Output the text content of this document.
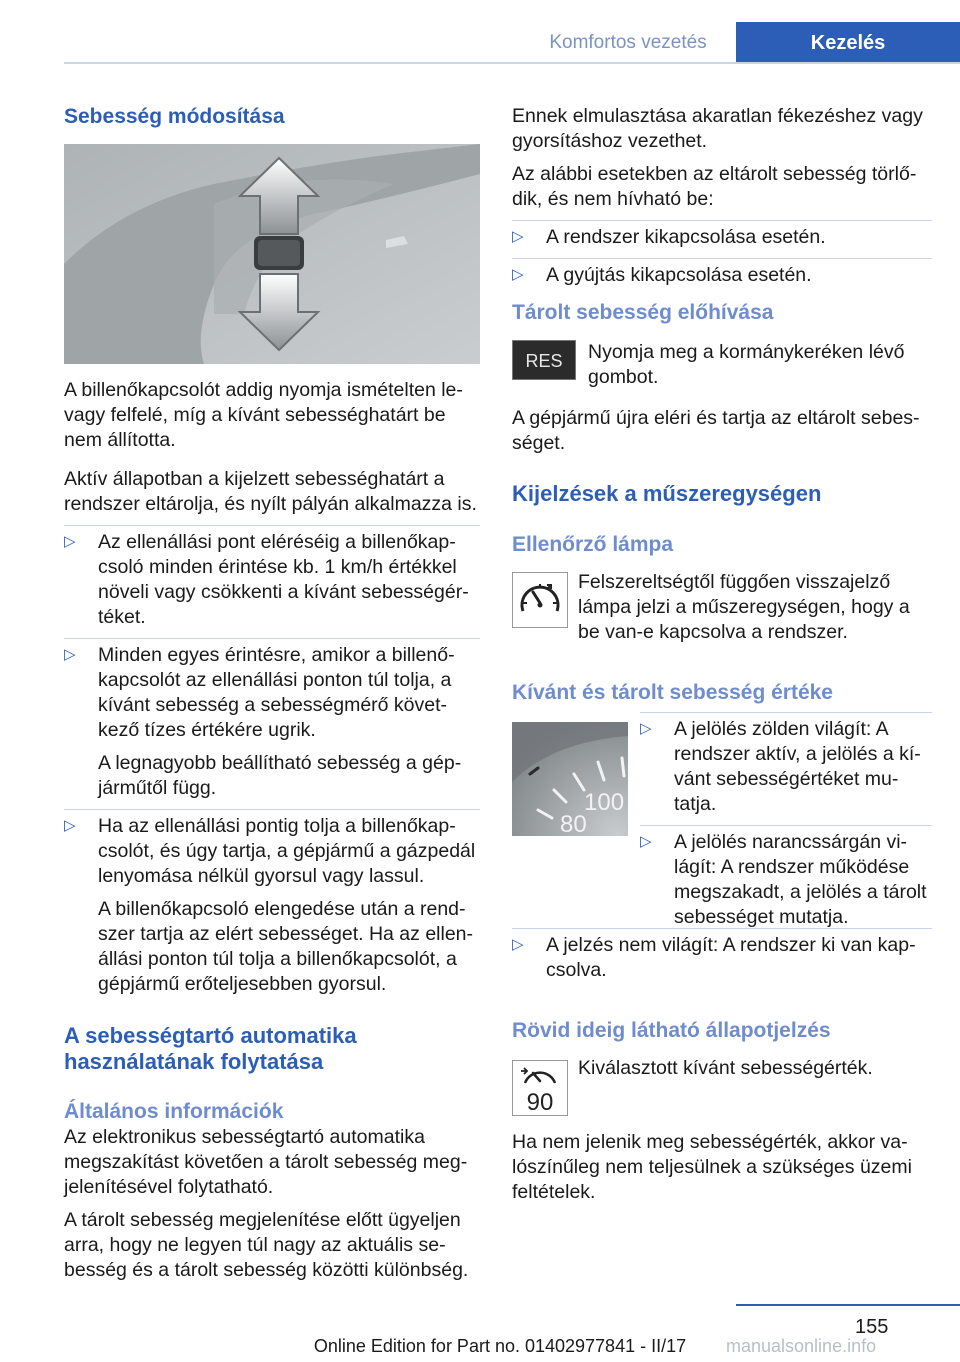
Komfortos vezetés	Kezelés
Sebesség módosítása

A billenőkapcsolót addig nyomja ismételten le- vagy felfelé, míg a kívánt sebességhatárt be nem állította.

Aktív állapotban a kijelzett sebességhatárt a rendszer eltárolja, és nyílt pályán alkalmazza is.

▷ Az ellenállási pont eléréséig a billenőkapcsoló minden érintése kb. 1 km/h értékkel növeli vagy csökkenti a kívánt sebességértéket.

▷ Minden egyes érintésre, amikor a billenőkapcsolót az ellenállási ponton túl tolja, a kívánt sebesség a sebességmérő következő tízes értékére ugrik.

A legnagyobb beállítható sebesség a gépjárműtől függ.

▷ Ha az ellenállási pontig tolja a billenőkapcsolót, és úgy tartja, a gépjármű a gázpedál lenyomása nélkül gyorsul vagy lassul.

A billenőkapcsoló elengedése után a rendszer tartja az elért sebességet. Ha az ellenállási ponton túl tolja a billenőkapcsolót, a gépjármű erőteljesebben gyorsul.

A sebességtartó automatika használatának folytatása
Általános információk

Az elektronikus sebességtartó automatika megszakítást követően a tárolt sebesség megjelenítésével folytatható.

A tárolt sebesség megjelenítése előtt ügyeljen arra, hogy ne legyen túl nagy az aktuális sebesség és a tárolt sebesség közötti különbség.

Ennek elmulasztása akaratlan fékezéshez vagy gyorsításhoz vezethet.

Az alábbi esetekben az eltárolt sebesség törlődik, és nem hívható be:

▷ A rendszer kikapcsolása esetén.

▷ A gyújtás kikapcsolása esetén.

Tárolt sebesség előhívása
RES	Nyomja meg a kormánykeréken lévő gombot.

A gépjármű újra eléri és tartja az eltárolt sebességet.

Kijelzések a műszeregységen
Ellenőrző lámpa

Felszereltségtől függően visszajelző lámpa jelzi a műszeregységen, hogy a be van-e kapcsolva a rendszer.

Kívánt és tárolt sebesség értéke
100
80
▷ A jelölés zölden világít: A rendszer aktív, a jelölés a kívánt sebességértéket mutatja.

▷ A jelölés narancssárgán világít: A rendszer működése megszakadt, a jelölés a tárolt sebességet mutatja.

▷ A jelzés nem világít: A rendszer ki van kapcsolva.

Rövid ideig látható állapotjelzés
90

Kiválasztott kívánt sebességérték.

Ha nem jelenik meg sebességérték, akkor valószínűleg nem teljesülnek a szükséges üzemi feltételek.

155
Online Edition for Part no. 01402977841 - II/17	manualsonline.info
